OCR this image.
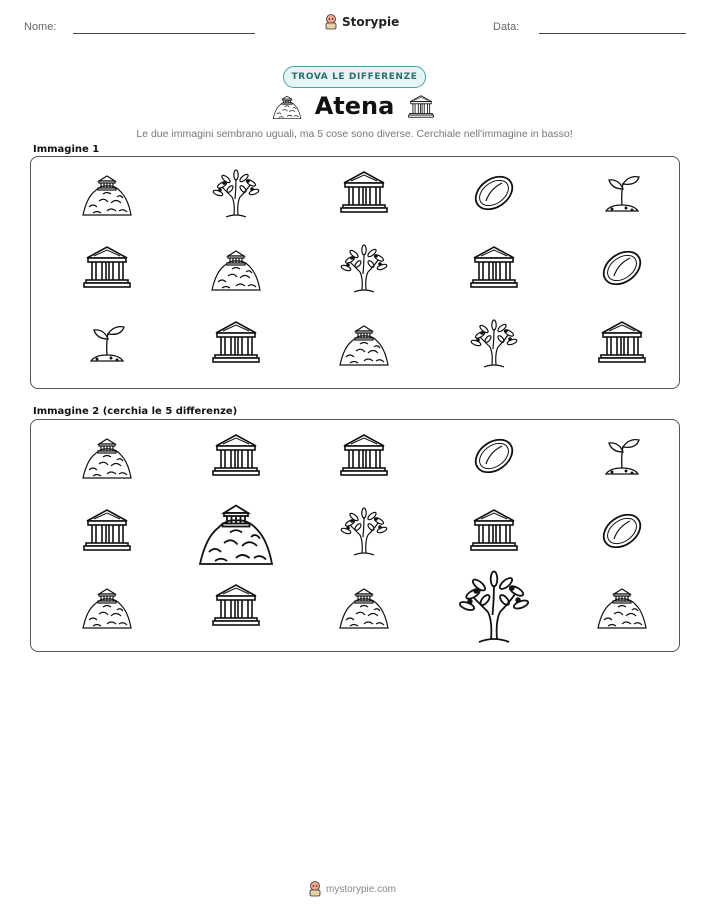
Nome:	Storypie	Data:
TROVA LE DIFFERENZE
Atena
Le due immagini sembrano uguali, ma 5 cose sono diverse. Cerchiale nell'immagine in basso!
Immagine 1
Immagine 2 (cerchia le 5 differenze)
mystorypie.com
